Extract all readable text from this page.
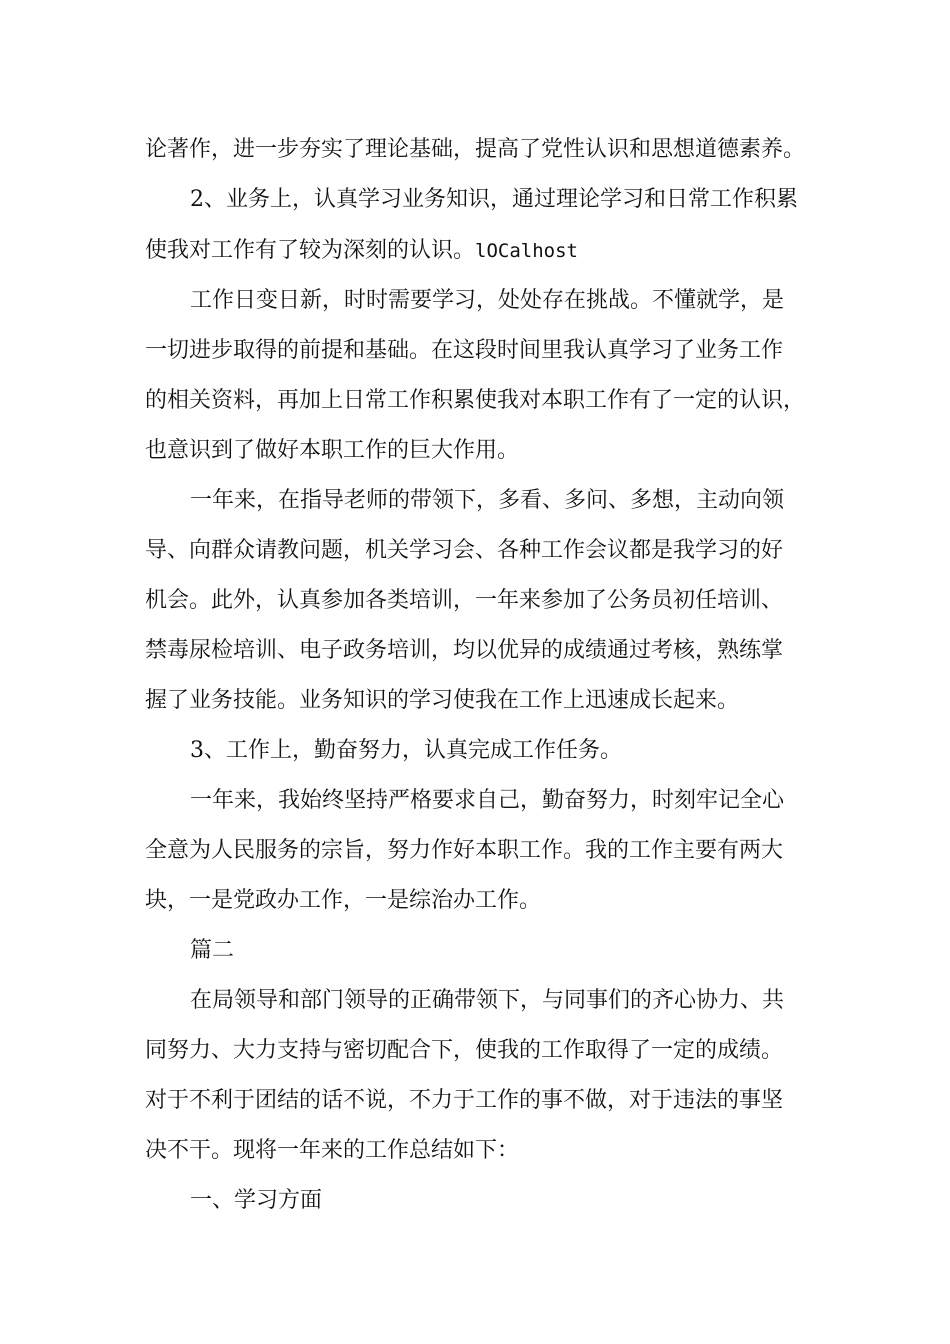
论著作，进一步夯实了理论基础，提高了党性认识和思想道德素养。

2、业务上，认真学习业务知识，通过理论学习和日常工作积累

使我对工作有了较为深刻的认识。lOCalhost

工作日变日新，时时需要学习，处处存在挑战。不懂就学，是

一切进步取得的前提和基础。在这段时间里我认真学习了业务工作

的相关资料，再加上日常工作积累使我对本职工作有了一定的认识，

也意识到了做好本职工作的巨大作用。

一年来，在指导老师的带领下，多看、多问、多想，主动向领

导、向群众请教问题，机关学习会、各种工作会议都是我学习的好

机会。此外，认真参加各类培训，一年来参加了公务员初任培训、

禁毒尿检培训、电子政务培训，均以优异的成绩通过考核，熟练掌

握了业务技能。业务知识的学习使我在工作上迅速成长起来。

3、工作上，勤奋努力，认真完成工作任务。

一年来，我始终坚持严格要求自己，勤奋努力，时刻牢记全心

全意为人民服务的宗旨，努力作好本职工作。我的工作主要有两大

块，一是党政办工作，一是综治办工作。

篇二

在局领导和部门领导的正确带领下，与同事们的齐心协力、共

同努力、大力支持与密切配合下，使我的工作取得了一定的成绩。

对于不利于团结的话不说，不力于工作的事不做，对于违法的事坚

决不干。现将一年来的工作总结如下：

一、学习方面
